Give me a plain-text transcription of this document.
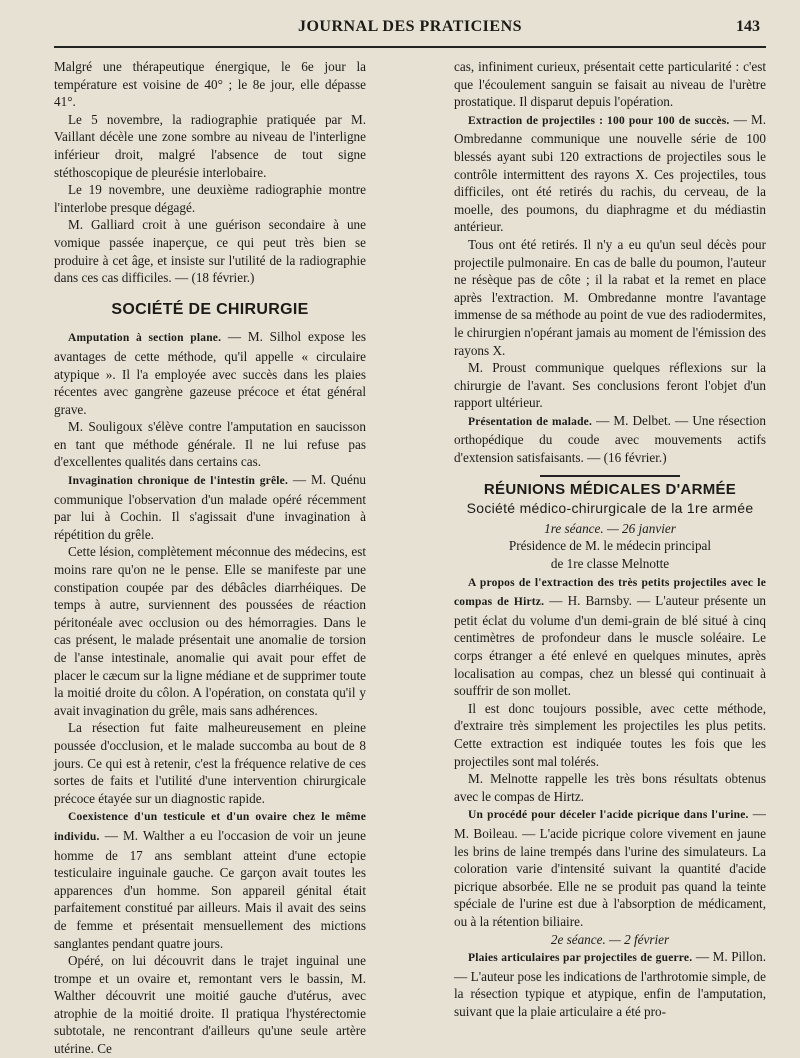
JOURNAL DES PRATICIENS	143

Malgré une thérapeutique énergique, le 6e jour la température est voisine de 40° ; le 8e jour, elle dépasse 41°.

Le 5 novembre, la radiographie pratiquée par M. Vaillant décèle une zone sombre au niveau de l'interligne inférieur droit, malgré l'absence de tout signe stéthoscopique de pleurésie interlobaire.

Le 19 novembre, une deuxième radiographie montre l'interlobe presque dégagé.

M. Galliard croit à une guérison secondaire à une vomique passée inaperçue, ce qui peut très bien se produire à cet âge, et insiste sur l'utilité de la radiographie dans ces cas difficiles. — (18 février.)

SOCIÉTÉ DE CHIRURGIE

Amputation à section plane. — M. Silhol expose les avantages de cette méthode, qu'il appelle « circulaire atypique ». Il l'a employée avec succès dans les plaies récentes avec gangrène gazeuse précoce et état général grave.

M. Souligoux s'élève contre l'amputation en saucisson en tant que méthode générale. Il ne lui refuse pas d'excellentes qualités dans certains cas.

Invagination chronique de l'intestin grêle. — M. Quénu communique l'observation d'un malade opéré récemment par lui à Cochin. Il s'agissait d'une invagination à répétition du grêle.

Cette lésion, complètement méconnue des médecins, est moins rare qu'on ne le pense. Elle se manifeste par une constipation coupée par des débâcles diarrhéiques. De temps à autre, surviennent des poussées de réaction péritonéale avec occlusion ou des hémorragies. Dans le cas présent, le malade présentait une anomalie de torsion de l'anse intestinale, anomalie qui avait pour effet de placer le cæcum sur la ligne médiane et de supprimer toute la moitié droite du côlon. A l'opération, on constata qu'il y avait invagination du grêle, mais sans adhérences.

La résection fut faite malheureusement en pleine poussée d'occlusion, et le malade succomba au bout de 8 jours. Ce qui est à retenir, c'est la fréquence relative de ces sortes de faits et l'utilité d'une intervention chirurgicale précoce étayée sur un diagnostic rapide.

Coexistence d'un testicule et d'un ovaire chez le même individu. — M. Walther a eu l'occasion de voir un jeune homme de 17 ans semblant atteint d'une ectopie testiculaire inguinale gauche. Ce garçon avait toutes les apparences d'un homme. Son appareil génital était parfaitement constitué par ailleurs. Mais il avait des seins de femme et présentait mensuellement des mictions sanglantes pendant quatre jours.

Opéré, on lui découvrit dans le trajet inguinal une trompe et un ovaire et, remontant vers le bassin, M. Walther découvrit une moitié gauche d'utérus, avec atrophie de la moitié droite. Il pratiqua l'hystérectomie subtotale, ne rencontrant d'ailleurs qu'une seule artère utérine. Ce

cas, infiniment curieux, présentait cette particularité : c'est que l'écoulement sanguin se faisait au niveau de l'urètre prostatique. Il disparut depuis l'opération.

Extraction de projectiles : 100 pour 100 de succès. — M. Ombredanne communique une nouvelle série de 100 blessés ayant subi 120 extractions de projectiles sous le contrôle intermittent des rayons X. Ces projectiles, tous difficiles, ont été retirés du rachis, du cerveau, de la moelle, des poumons, du diaphragme et du médiastin antérieur.

Tous ont été retirés. Il n'y a eu qu'un seul décès pour projectile pulmonaire. En cas de balle du poumon, l'auteur ne résèque pas de côte ; il la rabat et la remet en place après l'extraction. M. Ombredanne montre l'avantage immense de sa méthode au point de vue des radiodermites, le chirurgien n'opérant jamais au moment de l'émission des rayons X.

M. Proust communique quelques réflexions sur la chirurgie de l'avant. Ses conclusions feront l'objet d'un rapport ultérieur.

Présentation de malade. — M. Delbet. — Une résection orthopédique du coude avec mouvements actifs d'extension satisfaisants. — (16 février.)

RÉUNIONS MÉDICALES D'ARMÉE
Société médico-chirurgicale de la 1re armée

1re séance. — 26 janvier

Présidence de M. le médecin principal

de 1re classe Melnotte

A propos de l'extraction des très petits projectiles avec le compas de Hirtz. — H. Barnsby. — L'auteur présente un petit éclat du volume d'un demi-grain de blé situé à cinq centimètres de profondeur dans le muscle soléaire. Le corps étranger a été enlevé en quelques minutes, après localisation au compas, chez un blessé qui continuait à souffrir de son mollet.

Il est donc toujours possible, avec cette méthode, d'extraire très simplement les projectiles les plus petits. Cette extraction est indiquée toutes les fois que les projectiles sont mal tolérés.

M. Melnotte rappelle les très bons résultats obtenus avec le compas de Hirtz.

Un procédé pour déceler l'acide picrique dans l'urine. — M. Boileau. — L'acide picrique colore vivement en jaune les brins de laine trempés dans l'urine des simulateurs. La coloration varie d'intensité suivant la quantité d'acide picrique absorbée. Elle ne se produit pas quand la teinte spéciale de l'urine est due à l'absorption de médicament, ou à la rétention biliaire.

2e séance. — 2 février

Plaies articulaires par projectiles de guerre. — M. Pillon. — L'auteur pose les indications de l'arthrotomie simple, de la résection typique et atypique, enfin de l'amputation, suivant que la plaie articulaire a été pro-
